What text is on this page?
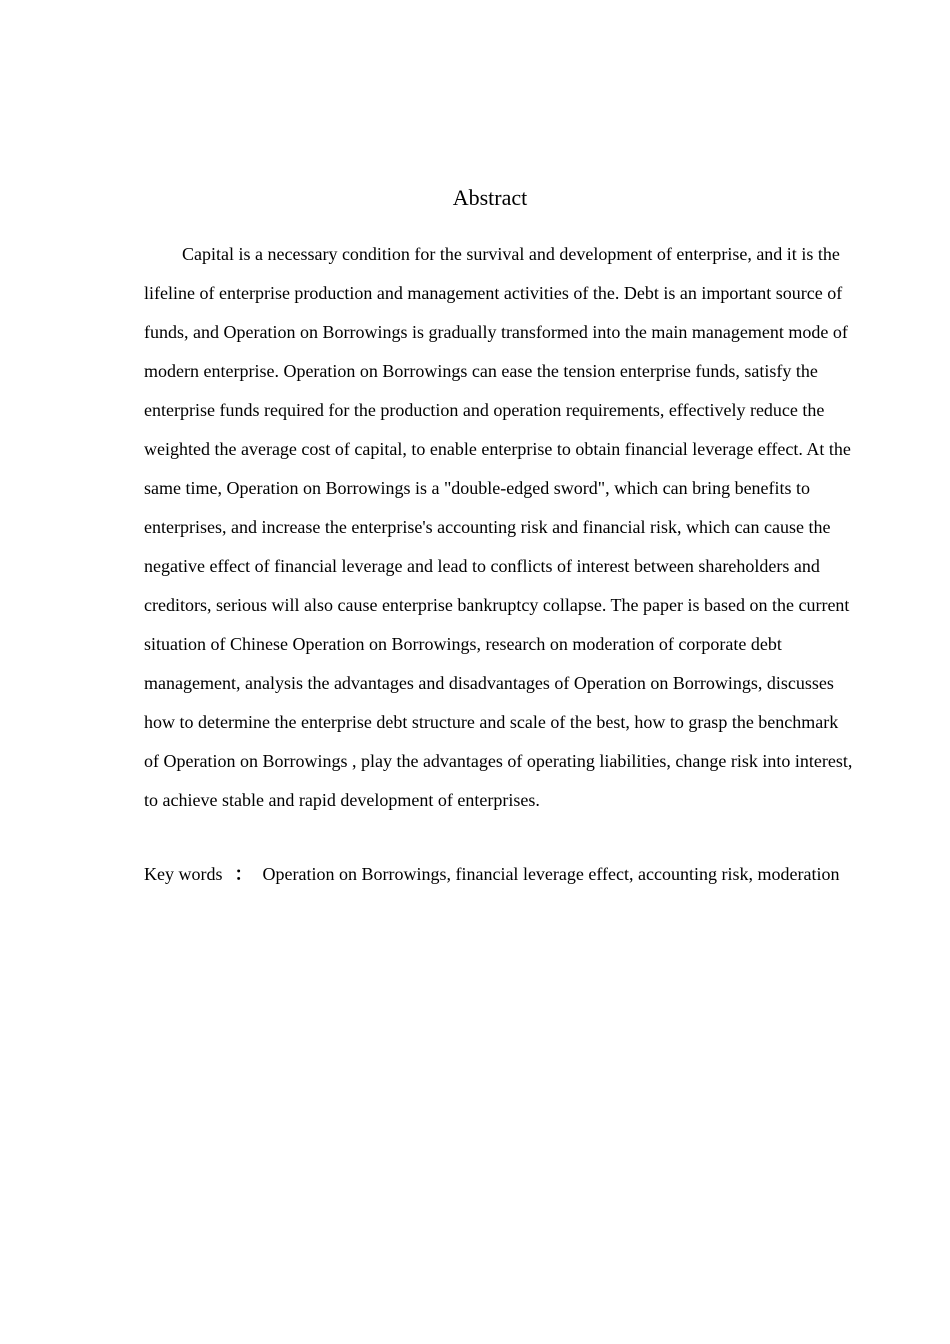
Abstract

Capital is a necessary condition for the survival and development of enterprise, and it is the lifeline of enterprise production and management activities of the. Debt is an important source of funds, and Operation on Borrowings is gradually transformed into the main management mode of modern enterprise. Operation on Borrowings can ease the tension enterprise funds, satisfy the enterprise funds required for the production and operation requirements, effectively reduce the weighted the average cost of capital, to enable enterprise to obtain financial leverage effect. At the same time, Operation on Borrowings is a "double-edged sword", which can bring benefits to enterprises, and increase the enterprise's accounting risk and financial risk, which can cause the negative effect of financial leverage and lead to conflicts of interest between shareholders and creditors, serious will also cause enterprise bankruptcy collapse. The paper is based on the current situation of Chinese Operation on Borrowings, research on moderation of corporate debt management, analysis the advantages and disadvantages of Operation on Borrowings, discusses how to determine the enterprise debt structure and scale of the best, how to grasp the benchmark of Operation on Borrowings , play the advantages of operating liabilities, change risk into interest, to achieve stable and rapid development of enterprises.

Key words ： Operation on Borrowings, financial leverage effect, accounting risk, moderation
